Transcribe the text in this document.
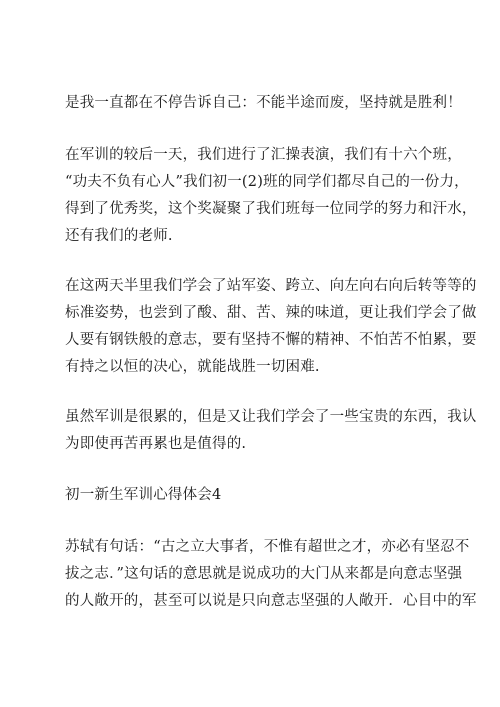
是我一直都在不停告诉自己：不能半途而废，坚持就是胜利！
在军训的较后一天，我们进行了汇操表演，我们有十六个班，
“功夫不负有心人”我们初一(2)班的同学们都尽自己的一份力，
得到了优秀奖，这个奖凝聚了我们班每一位同学的努力和汗水，
还有我们的老师.
在这两天半里我们学会了站军姿、跨立、向左向右向后转等等的
标准姿势，也尝到了酸、甜、苦、辣的味道，更让我们学会了做
人要有钢铁般的意志，要有坚持不懈的精神、不怕苦不怕累，要
有持之以恒的决心，就能战胜一切困难.
虽然军训是很累的，但是又让我们学会了一些宝贵的东西，我认
为即使再苦再累也是值得的.
初一新生军训心得体会4
苏轼有句话：“古之立大事者，不惟有超世之才，亦必有坚忍不
拔之志．”这句话的意思就是说成功的大门从来都是向意志坚强
的人敞开的，甚至可以说是只向意志坚强的人敞开．心目中的军
